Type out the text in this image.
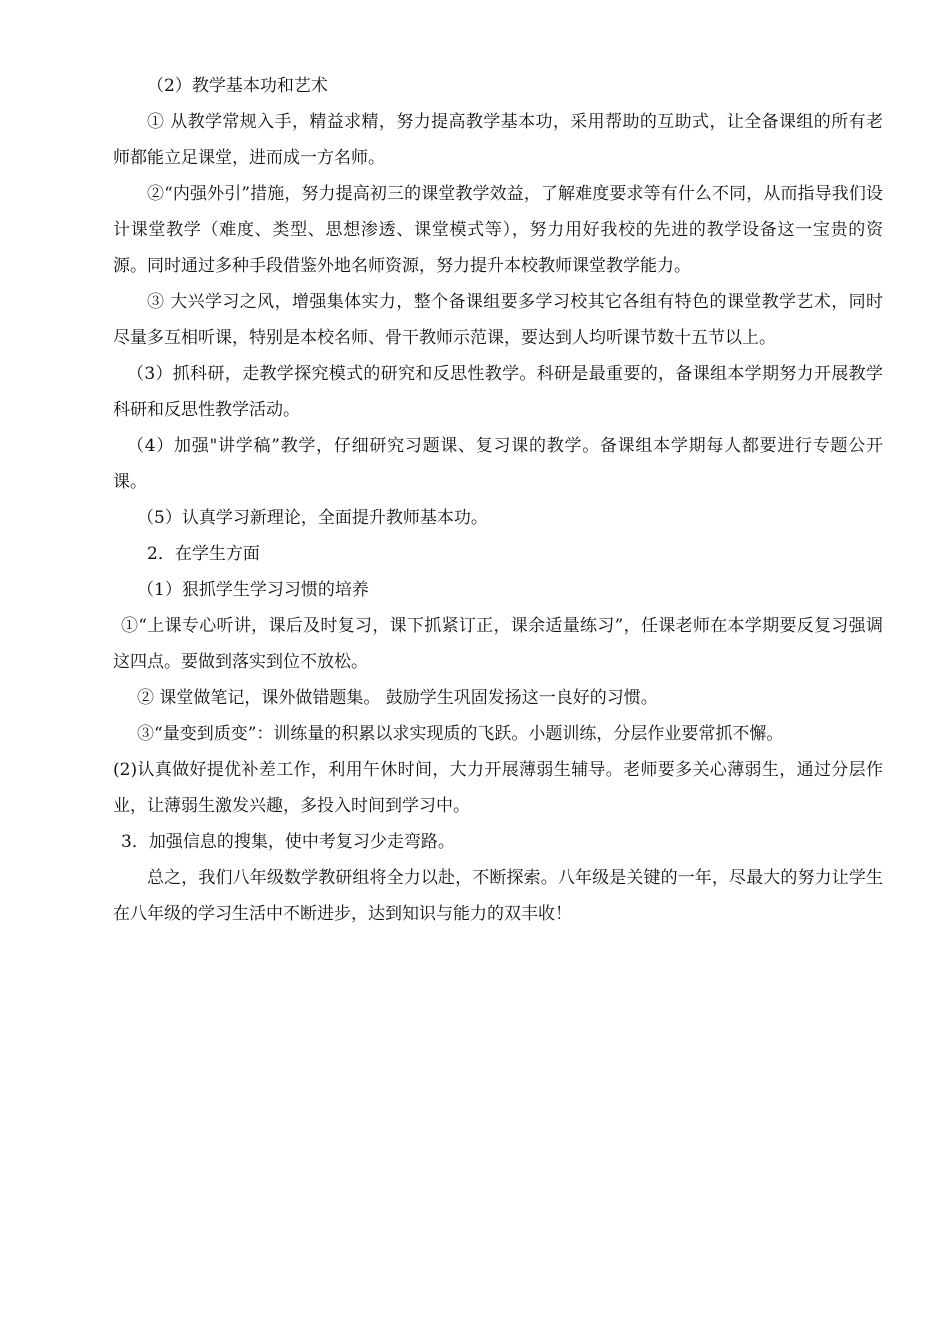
（2）教学基本功和艺术

① 从教学常规入手，精益求精，努力提高教学基本功，采用帮助的互助式，让全备课组的所有老师都能立足课堂，进而成一方名师。

②“内强外引”措施，努力提高初三的课堂教学效益，了解难度要求等有什么不同，从而指导我们设计课堂教学（难度、类型、思想渗透、课堂模式等），努力用好我校的先进的教学设备这一宝贵的资源。同时通过多种手段借鉴外地名师资源，努力提升本校教师课堂教学能力。

③ 大兴学习之风，增强集体实力，整个备课组要多学习校其它各组有特色的课堂教学艺术，同时尽量多互相听课，特别是本校名师、骨干教师示范课，要达到人均听课节数十五节以上。

（3）抓科研，走教学探究模式的研究和反思性教学。科研是最重要的，备课组本学期努力开展教学科研和反思性教学活动。

（4）加强"讲学稿”教学，仔细研究习题课、复习课的教学。备课组本学期每人都要进行专题公开课。

（5）认真学习新理论，全面提升教师基本功。

2．在学生方面

（1）狠抓学生学习习惯的培养

①“上课专心听讲，课后及时复习，课下抓紧订正，课余适量练习”，任课老师在本学期要反复习强调这四点。要做到落实到位不放松。

② 课堂做笔记，课外做错题集。 鼓励学生巩固发扬这一良好的习惯。

③“量变到质变”：训练量的积累以求实现质的飞跃。小题训练，分层作业要常抓不懈。

(2)认真做好提优补差工作，利用午休时间，大力开展薄弱生辅导。老师要多关心薄弱生，通过分层作业，让薄弱生激发兴趣，多投入时间到学习中。

3．加强信息的搜集，使中考复习少走弯路。

总之，我们八年级数学教研组将全力以赴，不断探索。八年级是关键的一年，尽最大的努力让学生在八年级的学习生活中不断进步，达到知识与能力的双丰收！
